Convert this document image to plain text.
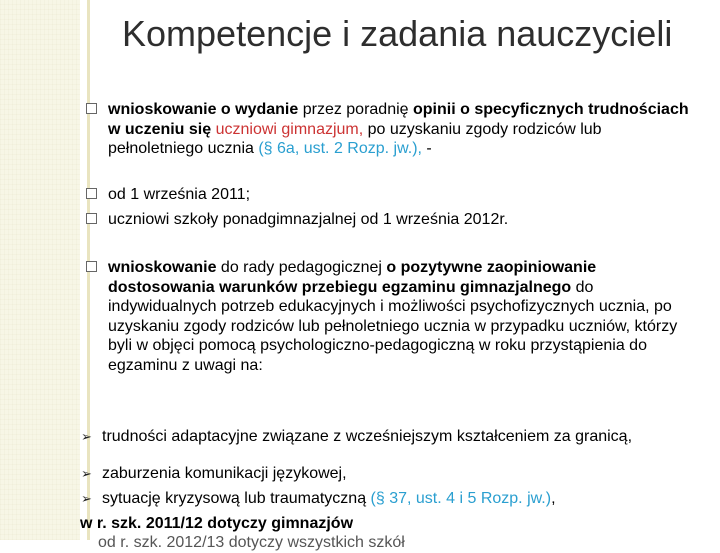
Kompetencje i zadania nauczycieli
wnioskowanie o wydanie przez poradnię opinii o specyficznych trudnościach w uczeniu się uczniowi gimnazjum, po uzyskaniu zgody rodziców lub pełnoletniego ucznia (§ 6a, ust. 2 Rozp. jw.), -
od 1 września 2011;
uczniowi szkoły ponadgimnazjalnej od 1 września 2012r.
wnioskowanie do rady pedagogicznej o pozytywne zaopiniowanie dostosowania warunków przebiegu egzaminu gimnazjalnego do indywidualnych potrzeb edukacyjnych i możliwości psychofizycznych ucznia, po uzyskaniu zgody rodziców lub pełnoletniego ucznia w przypadku uczniów, którzy byli w objęci pomocą psychologiczno-pedagogiczną w roku przystąpienia do egzaminu z uwagi na:
➢ trudności adaptacyjne związane z wcześniejszym kształceniem za granicą,
➢ zaburzenia komunikacji językowej,
➢ sytuację kryzysową lub traumatyczną (§ 37, ust. 4 i 5 Rozp. jw.),
w r. szk. 2011/12 dotyczy gimnazjów
od r. szk. 2012/13 dotyczy wszystkich szkół
